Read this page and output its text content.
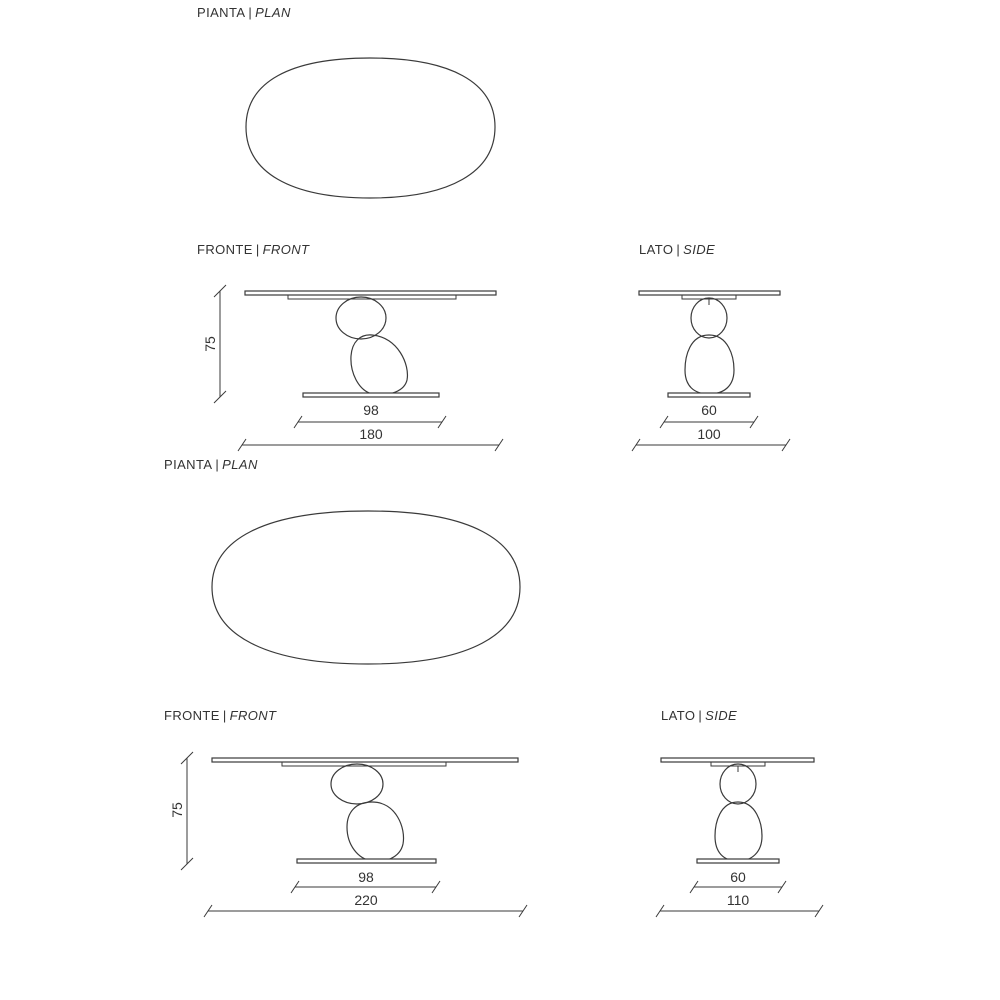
PIANTA | PLAN
FRONTE | FRONT	LATO | SIDE
75
98
180
60
100
PIANTA | PLAN
FRONTE | FRONT	LATO | SIDE
75
98
220
60
110
